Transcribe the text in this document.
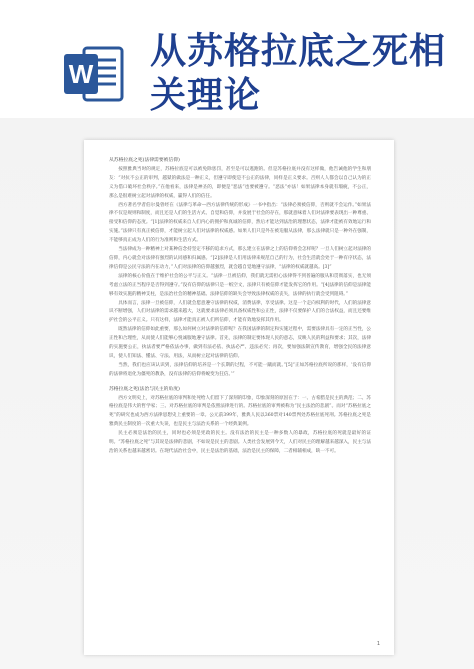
W
从苏格拉底之死相关理论
从苏格拉底之死(法律需要被信仰)

按照雅典当时的规定，苏格拉底是可以被免除惩罚，甚至是可以逃跑的。但是苏格拉底并没有这样做，他告诫他的学生和朋友：“对抗不公正的审判，越狱的做法是一种正义，但遵守即使是不公正的法律，同样是正义要求。否则人人都会以自己认为的正义为借口破坏社会秩序。”在他看来，法律是神圣的，即便是“恶法”也要被遵守。“恶法”亦法！如果法律本身就有瑕疵，不公正，那么是很难树立起对法律的权威，赢得人们的信任。

西方著名学者伯尔曼曾经在《法律与革命—西方法律传统的形成》一书中指出：“法律必须被信仰，否则就不会运作。”如果法律不仅是规则和制度，而且还是人们的生活方式、自觉和信仰，并发展于社会的存在，那就意味着人们对法律要表现出一种尊重、接受和信仰的态度。“[1]法律的权威来自人们内心的拥护和真诚的信仰，然后才能达到法治的理想状态，法律才能被有效地运行和实施。”法律只有真正被信仰，才能树立起人们对法律的权威感。如果人们只是外在被迫服从法律，那么法律就只是一种外在强制，不能够真正成为人们的行为准则和生活方式。

当法律成为一种精神上对某种信念持坚定不移的追求方式，那么建立在法律之上的信仰将会怎样呢？一旦人们树立起对法律的信仰，内心就会对法律有强烈的认同感和归属感。“[2]法律是人们用法律来规范自己的行为，社会生活就会处于一种有序状态，法律信仰是公民守法的内在动力，”人们对法律的信仰越强烈，就会越自觉地遵守法律，“法律的权威就越高。[3]”

法律的核心价值在于维护社会的公平与正义。“法律一旦被信仰，我们就无需担心法律得不到普遍的服从和贯彻落实，也无须考虑立法的正当程序是否得到遵守。”没有信仰的法律只是一纸空文，法律只有被信仰才能发挥它的作用。“[4]法律的信仰是法律能够有效实施的精神支柱，是法治社会的精神基础。法律信仰的缺失会导致法律权威的丧失，法律的执行就会受到阻碍。”

具体而言，法律一旦被信仰，人们就会愿意遵守法律的权威，消费法律，享受法律。这是一个走向权利的时代，人们的法律意识不断增强，人们对法律的需求越来越大，这就要求法律必须具备权威性和公正性，法律不仅要保护人们的合法权益，而且还要维护社会的公平正义。只有这样，法律才能真正被人们所信仰，才能有效地发挥其作用。

既然法律的信仰如此重要，那么如何树立对法律的信仰呢？在我国法律的制定和实施过程中，需要法律具有一定的正当性，公正性和合理性，从而使人们能够心悦诚服地遵守法律。首先，法律的制定要体现人民的意志，反映人民的利益和要求；其次，法律的实施要公正，执法者要严格依法办事，做到有法必依、执法必严、违法必究；再次，要加强法制宣传教育，增强全民的法律意识，使人们知法、懂法、守法、用法，从而树立起对法律的信仰。

当然，我们也应该认识到，法律信仰的培养是一个长期的过程，不可能一蹴而就。”[5]“正如苏格拉底所说的那样，‘没有信仰的法律将退化为僵死的教条，没有法律的信仰将蜕变为狂信。’”

苏格拉底之死(法治与民主的角度)

西方文明史上，对苏格拉底的审判和处死给人们留下了深刻的印象，印象深刻的原因在于：一、古希腊是民主的典范；二、苏格拉底是伟大的哲学家；三、对苏格拉底的审判是依照法律进行的。苏格拉底的审判被称为“民主法治的悲剧”。而对“苏格拉底之死”的研究也成为西方法律思想史上重要的一章。公元前399年，雅典人民以360票对140票判处苏格拉底死刑。苏格拉底之死是雅典民主制度的一次重大失误，也是民主与法治关系的一个经典案例。

民主必须是法治的民主，同时也必须是宪政的民主。没有法治的民主是一种多数人的暴政，苏格拉底的死就是最好的证明。“苏格拉底之死”与其说是法律的悲剧，不如说是民主的悲剧。人类社会发展到今天，人们对民主的理解越来越深入，民主与法治的关系也越来越密切。在现代法治社会中，民主是法治的基础，法治是民主的保障，二者相辅相成，缺一不可。

1
